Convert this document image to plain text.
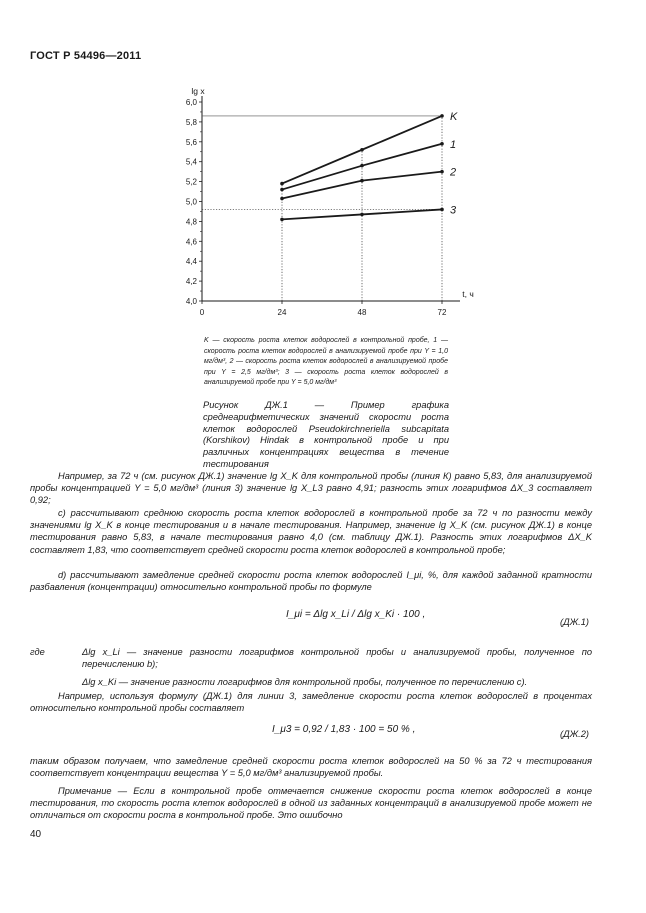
ГОСТ Р 54496—2011
4,0
4,2
4,4
4,6
4,8
5,0
5,2
5,4
5,6
5,8
6,0
0	24	48	72
lg x
t, ч
K
1
2
3
K — скорость роста клеток водорослей в контрольной пробе, 1 — скорость роста клеток водорослей в анализируемой пробе при Y = 1,0 мг/дм³, 2 — скорость роста клеток водорослей в анализируемой пробе при Y = 2,5 мг/дм³; 3 — скорость роста клеток водорослей в анализируемой пробе при Y = 5,0 мг/дм³
Рисунок ДЖ.1 — Пример графика среднеарифметических значений скорости роста клеток водорослей Pseudokirchneriella subcapitata (Korshikov) Hindak в контрольной пробе и при различных концентрациях вещества в течение тестирования
Например, за 72 ч (см. рисунок ДЖ.1) значение lg X_K для контрольной пробы (линия К) равно 5,83, для анализируемой пробы концентрацией Y = 5,0 мг/дм³ (линия 3) значение lg X_L3 равно 4,91; разность этих логарифмов ΔX_3 составляет 0,92;
c) рассчитывают среднюю скорость роста клеток водорослей в контрольной пробе за 72 ч по разности между значениями lg X_K в конце тестирования и в начале тестирования. Например, значение lg X_K (см. рисунок ДЖ.1) в конце тестирования равно 5,83, в начале тестирования равно 4,0 (см. таблицу ДЖ.1). Разность этих логарифмов ΔX_K составляет 1,83, что соответствует средней скорости роста клеток водорослей в контрольной пробе;
d) рассчитывают замедление средней скорости роста клеток водорослей I_μi, %, для каждой заданной кратности разбавления (концентрации) относительно контрольной пробы по формуле
I_μi = Δlg x_Li / Δlg x_Ki · 100 ,
(ДЖ.1)
где	Δlg x_Li — значение разности логарифмов контрольной пробы и анализируемой пробы, полученное по перечислению b);
Δlg x_Ki — значение разности логарифмов для контрольной пробы, полученное по перечислению c).
Например, используя формулу (ДЖ.1) для линии 3, замедление скорости роста клеток водорослей в процентах относительно контрольной пробы составляет
I_μ3 = 0,92 / 1,83 · 100 = 50 % ,	(ДЖ.2)
таким образом получаем, что замедление средней скорости роста клеток водорослей на 50 % за 72 ч тестирования соответствует концентрации вещества Y = 5,0 мг/дм³ анализируемой пробы.
Примечание — Если в контрольной пробе отмечается снижение скорости роста клеток водорослей в конце тестирования, то скорость роста клеток водорослей в одной из заданных концентраций в анализируемой пробе может не отличаться от скорости роста в контрольной пробе. Это ошибочно
40
